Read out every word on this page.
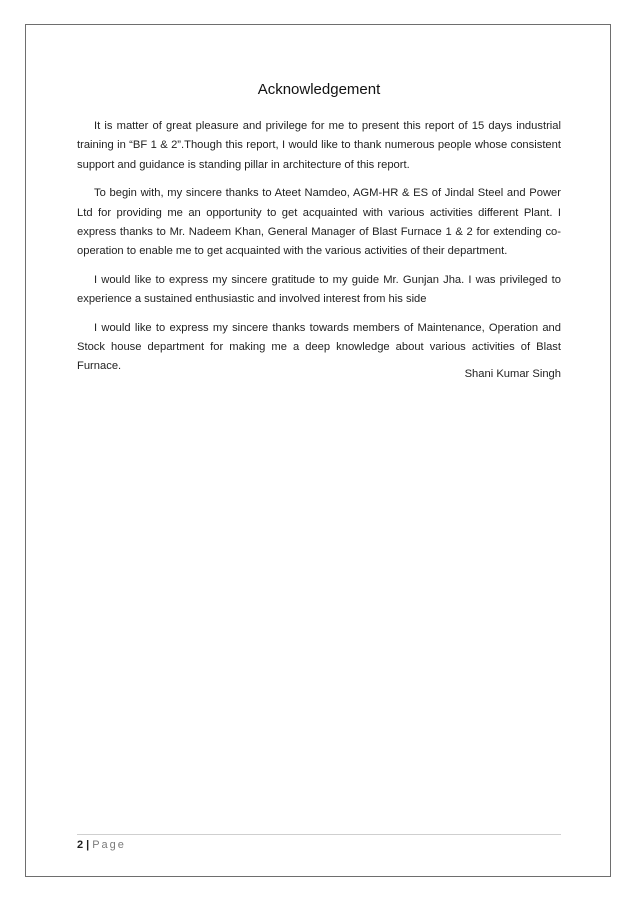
Acknowledgement

It is matter of great pleasure and privilege for me to present this report of 15 days industrial training in “BF 1 & 2”.Though this report, I would like to thank numerous people whose consistent support and guidance is standing pillar in architecture of this report.

To begin with, my sincere thanks to Ateet Namdeo, AGM-HR & ES of Jindal Steel and Power Ltd for providing me an opportunity to get acquainted with various activities different Plant. I express thanks to Mr. Nadeem Khan, General Manager of Blast Furnace 1 & 2 for extending co-operation to enable me to get acquainted with the various activities of their department.

I would like to express my sincere gratitude to my guide Mr. Gunjan Jha. I was privileged to experience a sustained enthusiastic and involved interest from his side

I would like to express my sincere thanks towards members of Maintenance, Operation and Stock house department for making me a deep knowledge about various activities of Blast Furnace.

Shani Kumar Singh
2 | Page
